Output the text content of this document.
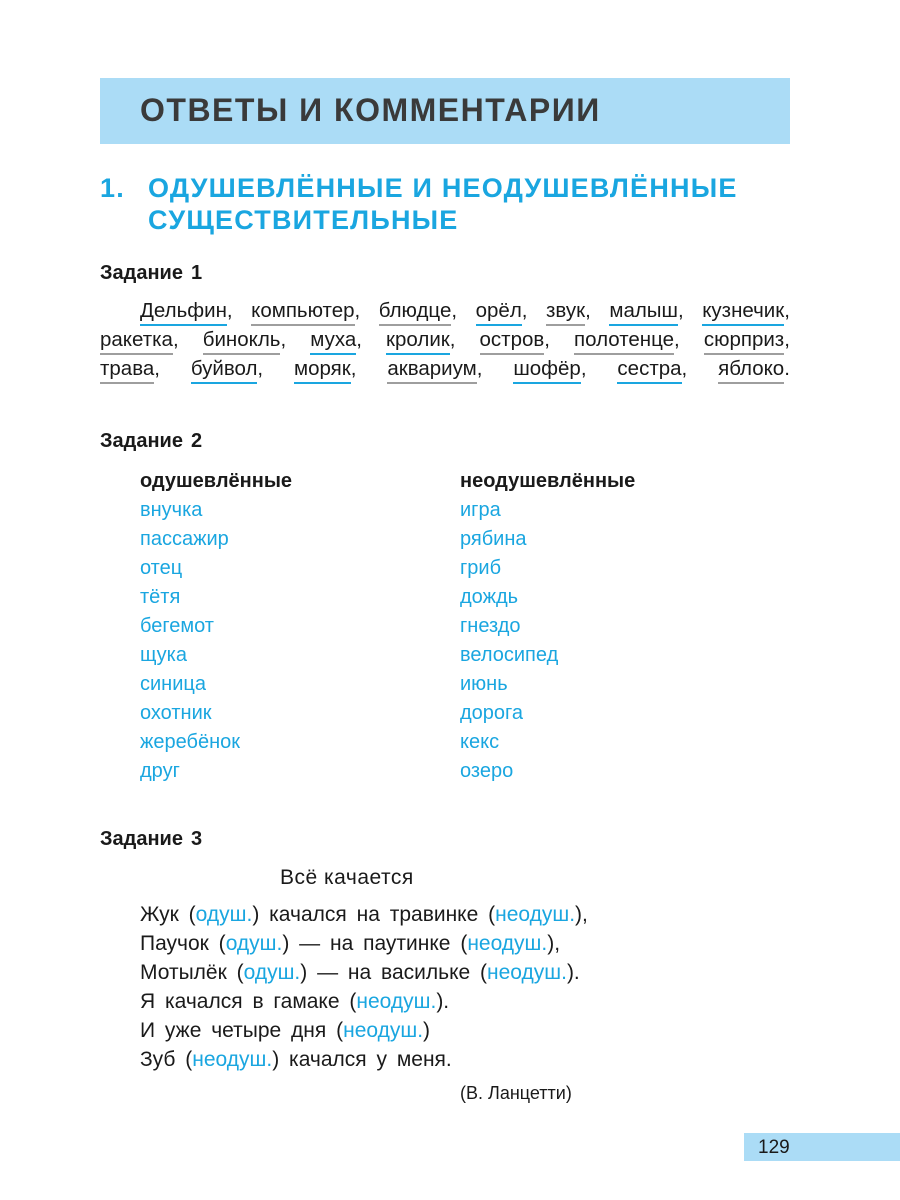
ОТВЕТЫ И КОММЕНТАРИИ
1. ОДУШЕВЛЁННЫЕ И НЕОДУШЕВЛЁННЫЕ
СУЩЕСТВИТЕЛЬНЫЕ
Задание 1
Дельфин, компьютер, блюдце, орёл, звук, малыш, кузнечик,
ракетка, бинокль, муха, кролик, остров, полотенце, сюрприз,
трава, буйвол, моряк, аквариум, шофёр, сестра, яблоко.
Задание 2
одушевлённые
внучка
пассажир
отец
тётя
бегемот
щука
синица
охотник
жеребёнок
друг
неодушевлённые
игра
рябина
гриб
дождь
гнездо
велосипед
июнь
дорога
кекс
озеро
Задание 3
Всё качается
Жук (одуш.) качался на травинке (неодуш.),
Паучок (одуш.) — на паутинке (неодуш.),
Мотылёк (одуш.) — на васильке (неодуш.).
Я качался в гамаке (неодуш.).
И уже четыре дня (неодуш.)
Зуб (неодуш.) качался у меня.
(В. Ланцетти)
129
